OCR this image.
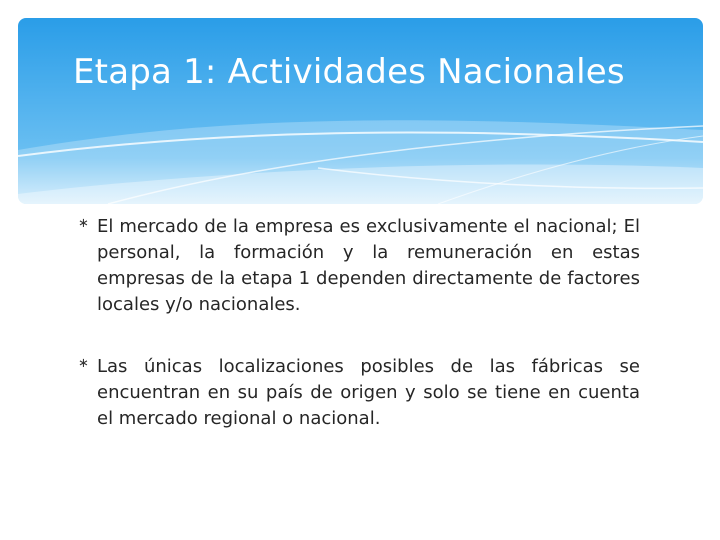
Etapa 1: Actividades Nacionales
∗ El mercado de la empresa es exclusivamente el nacional; El personal, la formación y la remuneración en estas empresas de la etapa 1 dependen directamente de factores locales y/o nacionales.
∗ Las únicas localizaciones posibles de las fábricas se encuentran en su país de origen y solo se tiene en cuenta el mercado regional o nacional.
